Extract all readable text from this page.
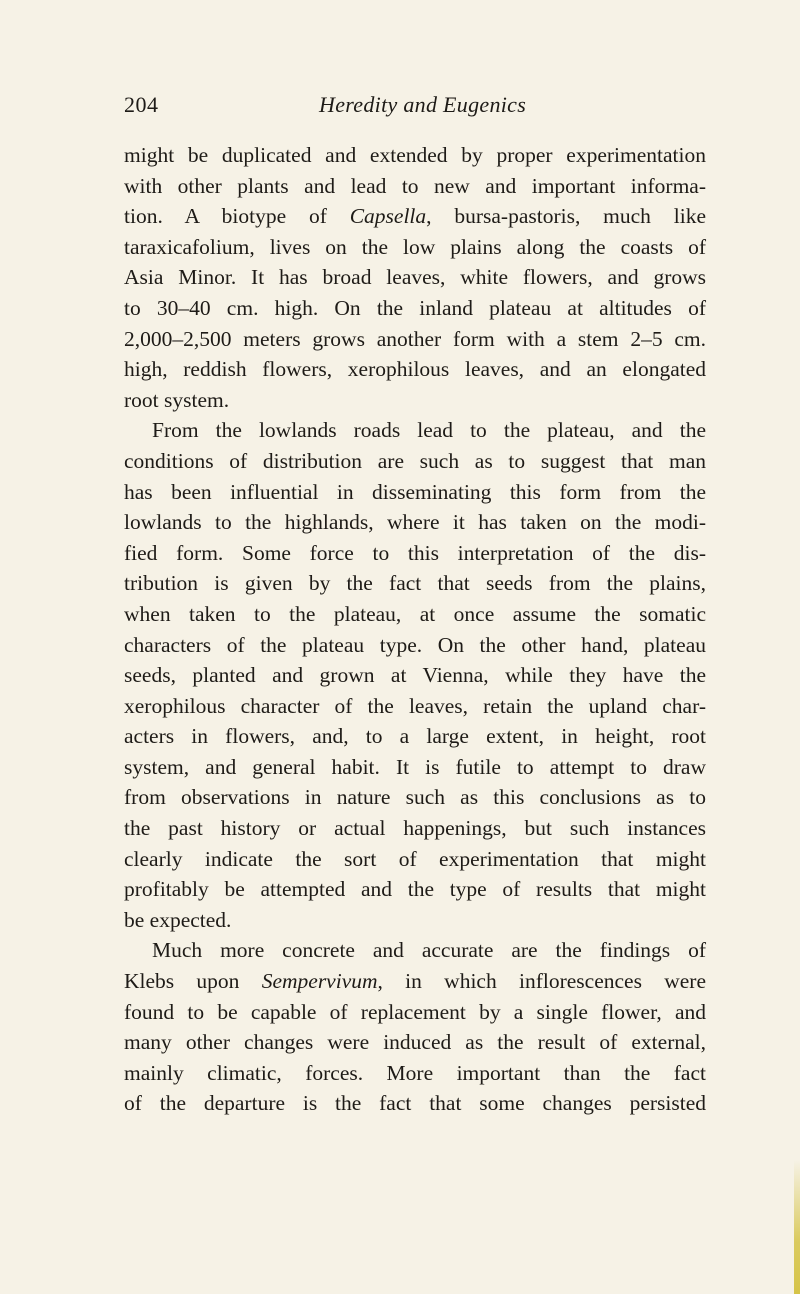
204	Heredity and Eugenics
might be duplicated and extended by proper experimentation
with other plants and lead to new and important informa-
tion. A biotype of Capsella, bursa-pastoris, much like
taraxicafolium, lives on the low plains along the coasts of
Asia Minor. It has broad leaves, white flowers, and grows
to 30–40 cm. high. On the inland plateau at altitudes of
2,000–2,500 meters grows another form with a stem 2–5 cm.
high, reddish flowers, xerophilous leaves, and an elongated
root system.
From the lowlands roads lead to the plateau, and the
conditions of distribution are such as to suggest that man
has been influential in disseminating this form from the
lowlands to the highlands, where it has taken on the modi-
fied form. Some force to this interpretation of the dis-
tribution is given by the fact that seeds from the plains,
when taken to the plateau, at once assume the somatic
characters of the plateau type. On the other hand, plateau
seeds, planted and grown at Vienna, while they have the
xerophilous character of the leaves, retain the upland char-
acters in flowers, and, to a large extent, in height, root
system, and general habit. It is futile to attempt to draw
from observations in nature such as this conclusions as to
the past history or actual happenings, but such instances
clearly indicate the sort of experimentation that might
profitably be attempted and the type of results that might
be expected.
Much more concrete and accurate are the findings of
Klebs upon Sempervivum, in which inflorescences were
found to be capable of replacement by a single flower, and
many other changes were induced as the result of external,
mainly climatic, forces. More important than the fact
of the departure is the fact that some changes persisted
